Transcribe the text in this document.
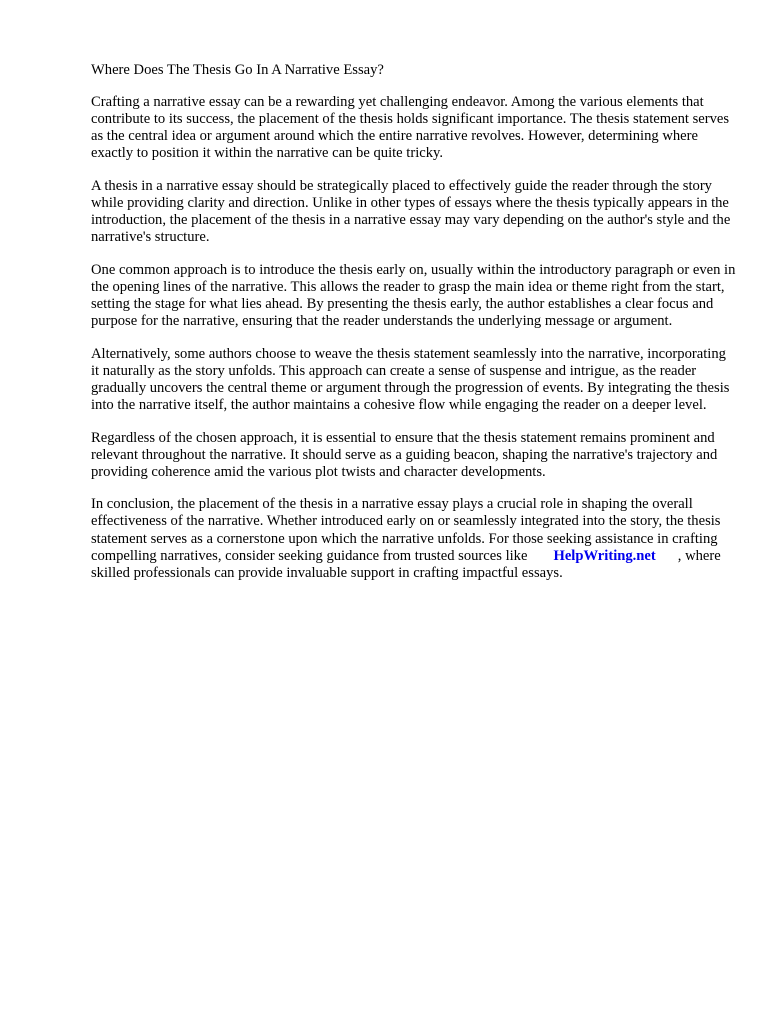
Where Does The Thesis Go In A Narrative Essay?

Crafting a narrative essay can be a rewarding yet challenging endeavor. Among the various elements that contribute to its success, the placement of the thesis holds significant importance. The thesis statement serves as the central idea or argument around which the entire narrative revolves. However, determining where exactly to position it within the narrative can be quite tricky.

A thesis in a narrative essay should be strategically placed to effectively guide the reader through the story while providing clarity and direction. Unlike in other types of essays where the thesis typically appears in the introduction, the placement of the thesis in a narrative essay may vary depending on the author's style and the narrative's structure.

One common approach is to introduce the thesis early on, usually within the introductory paragraph or even in the opening lines of the narrative. This allows the reader to grasp the main idea or theme right from the start, setting the stage for what lies ahead. By presenting the thesis early, the author establishes a clear focus and purpose for the narrative, ensuring that the reader understands the underlying message or argument.

Alternatively, some authors choose to weave the thesis statement seamlessly into the narrative, incorporating it naturally as the story unfolds. This approach can create a sense of suspense and intrigue, as the reader gradually uncovers the central theme or argument through the progression of events. By integrating the thesis into the narrative itself, the author maintains a cohesive flow while engaging the reader on a deeper level.

Regardless of the chosen approach, it is essential to ensure that the thesis statement remains prominent and relevant throughout the narrative. It should serve as a guiding beacon, shaping the narrative's trajectory and providing coherence amid the various plot twists and character developments.

In conclusion, the placement of the thesis in a narrative essay plays a crucial role in shaping the overall effectiveness of the narrative. Whether introduced early on or seamlessly integrated into the story, the thesis statement serves as a cornerstone upon which the narrative unfolds. For those seeking assistance in crafting compelling narratives, consider seeking guidance from trusted sources like HelpWriting.net , where skilled professionals can provide invaluable support in crafting impactful essays.
